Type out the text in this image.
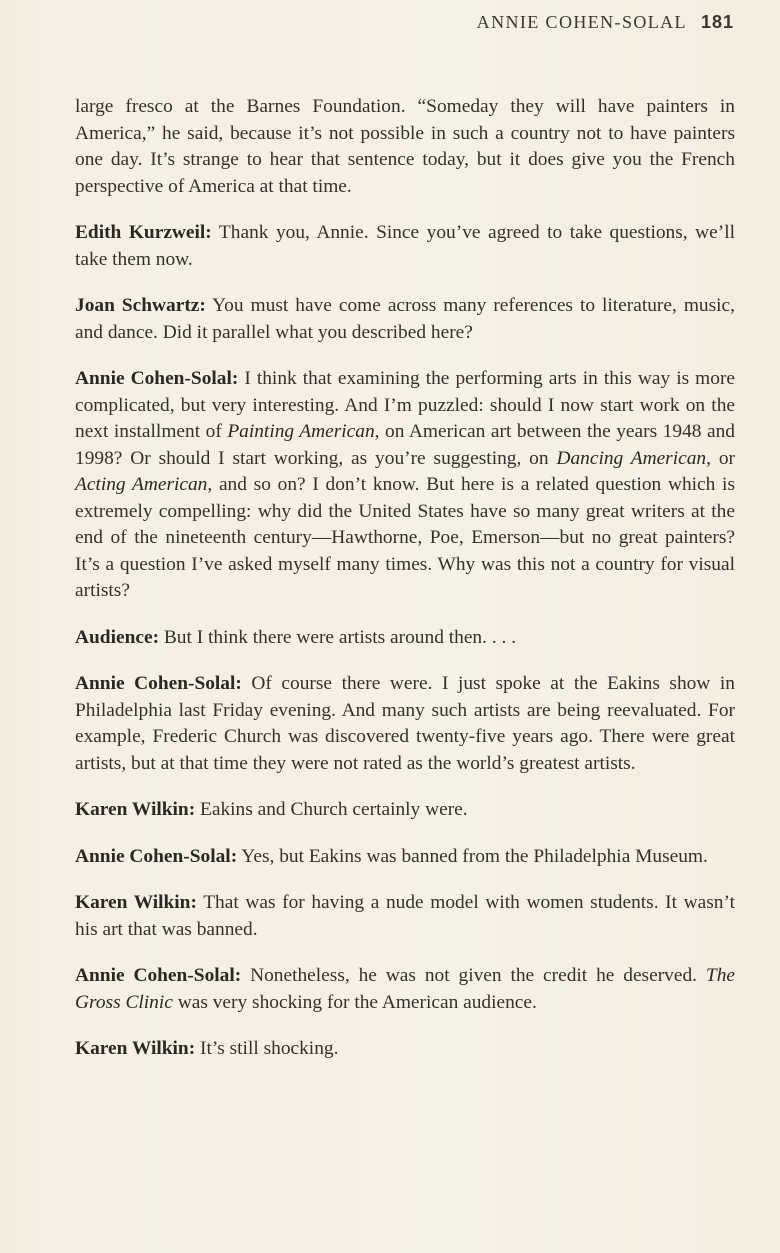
ANNIE COHEN-SOLAL 181

large fresco at the Barnes Foundation. “Someday they will have painters in America,” he said, because it’s not possible in such a country not to have painters one day. It’s strange to hear that sentence today, but it does give you the French perspective of America at that time.

Edith Kurzweil: Thank you, Annie. Since you’ve agreed to take questions, we’ll take them now.

Joan Schwartz: You must have come across many references to literature, music, and dance. Did it parallel what you described here?

Annie Cohen-Solal: I think that examining the performing arts in this way is more complicated, but very interesting. And I’m puzzled: should I now start work on the next installment of Painting American, on American art between the years 1948 and 1998? Or should I start working, as you’re suggesting, on Dancing American, or Acting American, and so on? I don’t know. But here is a related question which is extremely compelling: why did the United States have so many great writers at the end of the nineteenth century—Hawthorne, Poe, Emerson—but no great painters? It’s a question I’ve asked myself many times. Why was this not a country for visual artists?

Audience: But I think there were artists around then. . . .

Annie Cohen-Solal: Of course there were. I just spoke at the Eakins show in Philadelphia last Friday evening. And many such artists are being reevaluated. For example, Frederic Church was discovered twenty-five years ago. There were great artists, but at that time they were not rated as the world’s greatest artists.

Karen Wilkin: Eakins and Church certainly were.

Annie Cohen-Solal: Yes, but Eakins was banned from the Philadelphia Museum.

Karen Wilkin: That was for having a nude model with women students. It wasn’t his art that was banned.

Annie Cohen-Solal: Nonetheless, he was not given the credit he deserved. The Gross Clinic was very shocking for the American audience.

Karen Wilkin: It’s still shocking.
